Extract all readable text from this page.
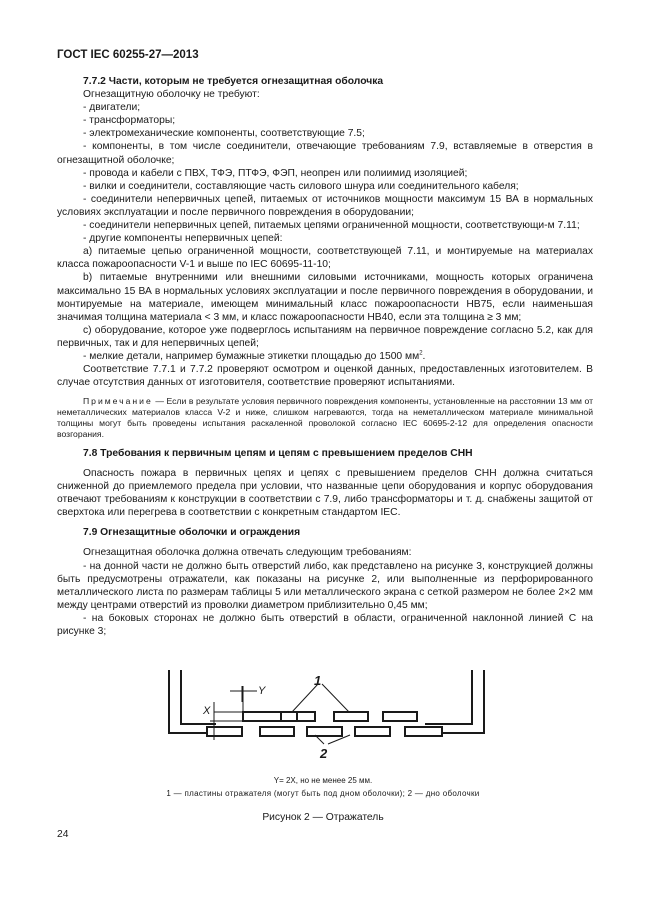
ГОСТ IEC 60255-27—2013

7.7.2 Части, которым не требуется огнезащитная оболочка

Огнезащитную оболочку не требуют:

- двигатели;

- трансформаторы;

- электромеханические компоненты, соответствующие 7.5;

- компоненты, в том числе соединители, отвечающие требованиям 7.9, вставляемые в отверстия в огнезащитной оболочке;

- провода и кабели с ПВХ, ТФЭ, ПТФЭ, ФЭП, неопрен или полиимид изоляцией;

- вилки и соединители, составляющие часть силового шнура или соединительного кабеля;

- соединители непервичных цепей, питаемых от источников мощности максимум 15 ВА в нормальных условиях эксплуатации и после первичного повреждения в оборудовании;

- соединители непервичных цепей, питаемых цепями ограниченной мощности, соответствующи-м 7.11;

- другие компоненты непервичных цепей:

a) питаемые цепью ограниченной мощности, соответствующей 7.11, и монтируемые на материалах класса пожароопасности V-1 и выше по IEC 60695-11-10;

b) питаемые внутренними или внешними силовыми источниками, мощность которых ограничена максимально 15 ВА в нормальных условиях эксплуатации и после первичного повреждения в оборудовании, и монтируемые на материале, имеющем минимальный класс пожароопасности HB75, если наименьшая значимая толщина материала < 3 мм, и класс пожароопасности HB40, если эта толщина ≥ 3 мм;

c) оборудование, которое уже подверглось испытаниям на первичное повреждение согласно 5.2, как для первичных, так и для непервичных цепей;

- мелкие детали, например бумажные этикетки площадью до 1500 $мм^2$.

Соответствие 7.7.1 и 7.7.2 проверяют осмотром и оценкой данных, предоставленных изготовителем. В случае отсутствия данных от изготовителя, соответствие проверяют испытаниями.

Примечание — Если в результате условия первичного повреждения компоненты, установленные на расстоянии 13 мм от неметаллических материалов класса V-2 и ниже, слишком нагреваются, тогда на неметаллическом материале минимальной толщины могут быть проведены испытания раскаленной проволокой согласно IEC 60695-2-12 для определения опасности возгорания.

7.8 Требования к первичным цепям и цепям с превышением пределов СНН

Опасность пожара в первичных цепях и цепях с превышением пределов СНН должна считаться сниженной до приемлемого предела при условии, что названные цепи оборудования и корпус оборудования отвечают требованиям к конструкции в соответствии с 7.9, либо трансформаторы и т. д. снабжены защитой от сверхтока или перегрева в соответствии с конкретным стандартом IEC.

7.9 Огнезащитные оболочки и ограждения

Огнезащитная оболочка должна отвечать следующим требованиям:

- на донной части не должно быть отверстий либо, как представлено на рисунке 3, конструкцией должны быть предусмотрены отражатели, как показаны на рисунке 2, или выполненные из перфорированного металлического листа по размерам таблицы 5 или металлического экрана с сеткой размером не более 2×2 мм между центрами отверстий из проволки диаметром приблизительно 0,45 мм;

- на боковых сторонах не должно быть отверстий в области, ограниченной наклонной линией C на рисунке 3;

X
Y
1
2
Y= 2X, но не менее 25 мм.
1 — пластины отражателя (могут быть под дном оболочки); 2 — дно оболочки
Рисунок 2 — Отражатель
24
